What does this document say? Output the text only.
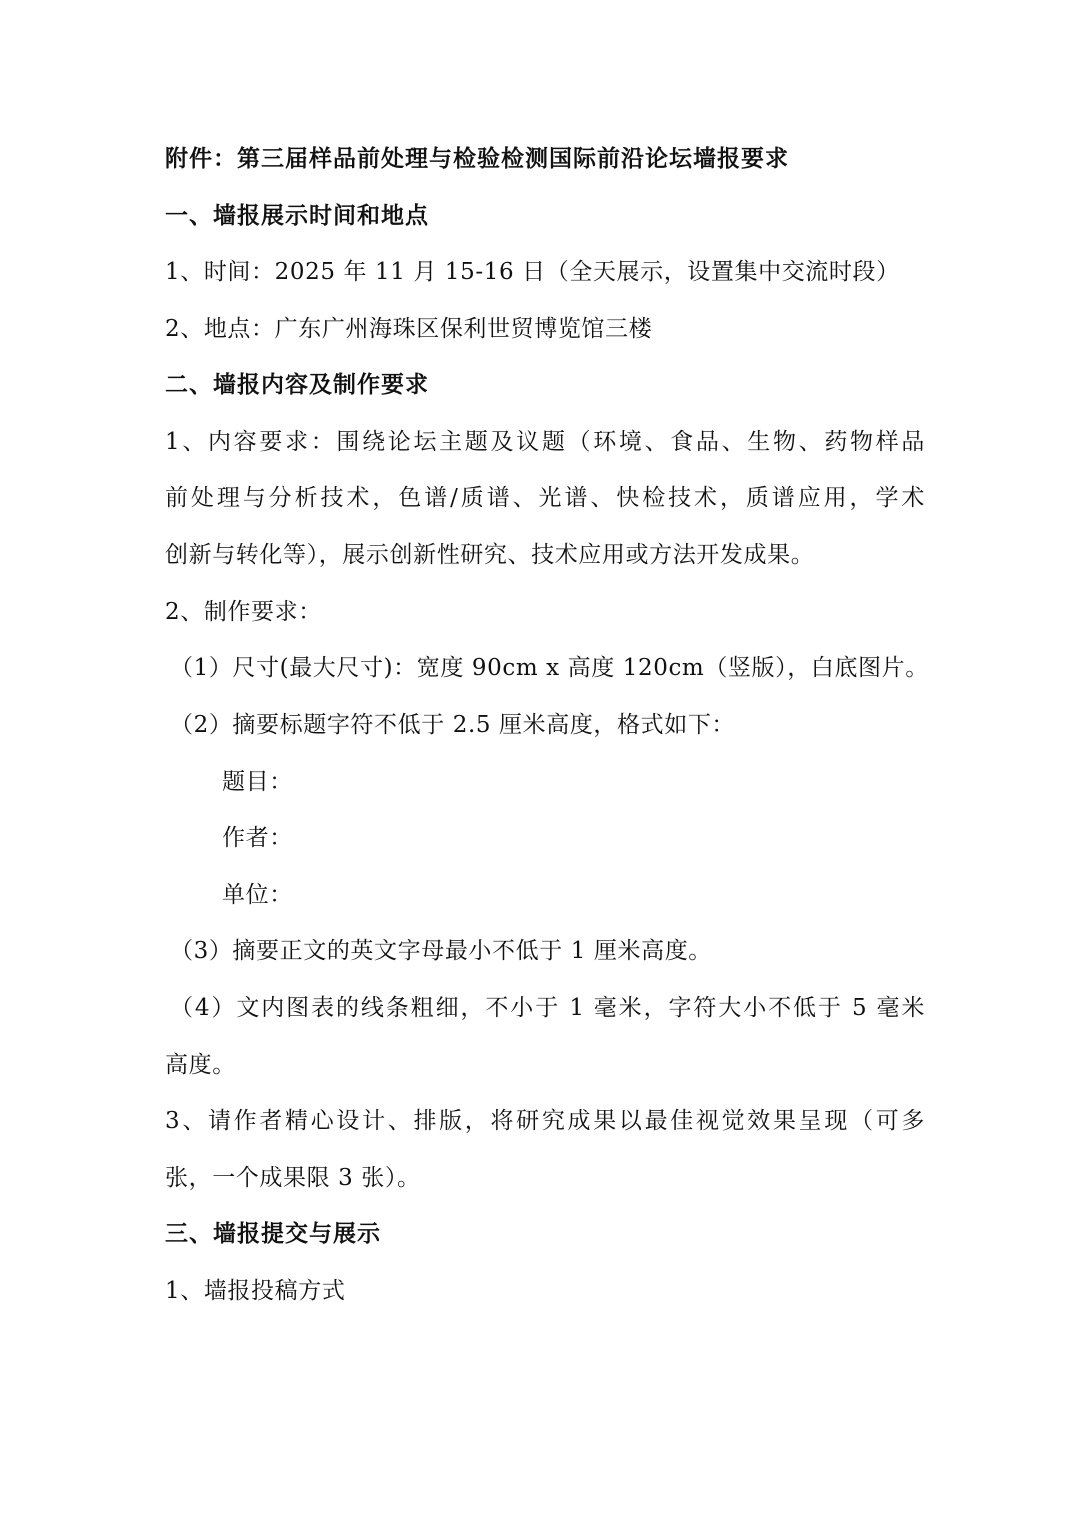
附件：第三届样品前处理与检验检测国际前沿论坛墙报要求
一、墙报展示时间和地点
1、时间：2025 年 11 月 15-16 日（全天展示，设置集中交流时段）
2、地点：广东广州海珠区保利世贸博览馆三楼
二、墙报内容及制作要求
1、内容要求：围绕论坛主题及议题（环境、食品、生物、药物样品
前处理与分析技术，色谱/质谱、光谱、快检技术，质谱应用，学术
创新与转化等），展示创新性研究、技术应用或方法开发成果。
2、制作要求：
（1）尺寸(最大尺寸)：宽度 90cm x 高度 120cm（竖版），白底图片。
（2）摘要标题字符不低于 2.5 厘米高度，格式如下：
题目：
作者：
单位：
（3）摘要正文的英文字母最小不低于 1 厘米高度。
（4）文内图表的线条粗细，不小于 1 毫米，字符大小不低于 5 毫米
高度。
3、请作者精心设计、排版，将研究成果以最佳视觉效果呈现（可多
张，一个成果限 3 张）。
三、墙报提交与展示
1、墙报投稿方式
